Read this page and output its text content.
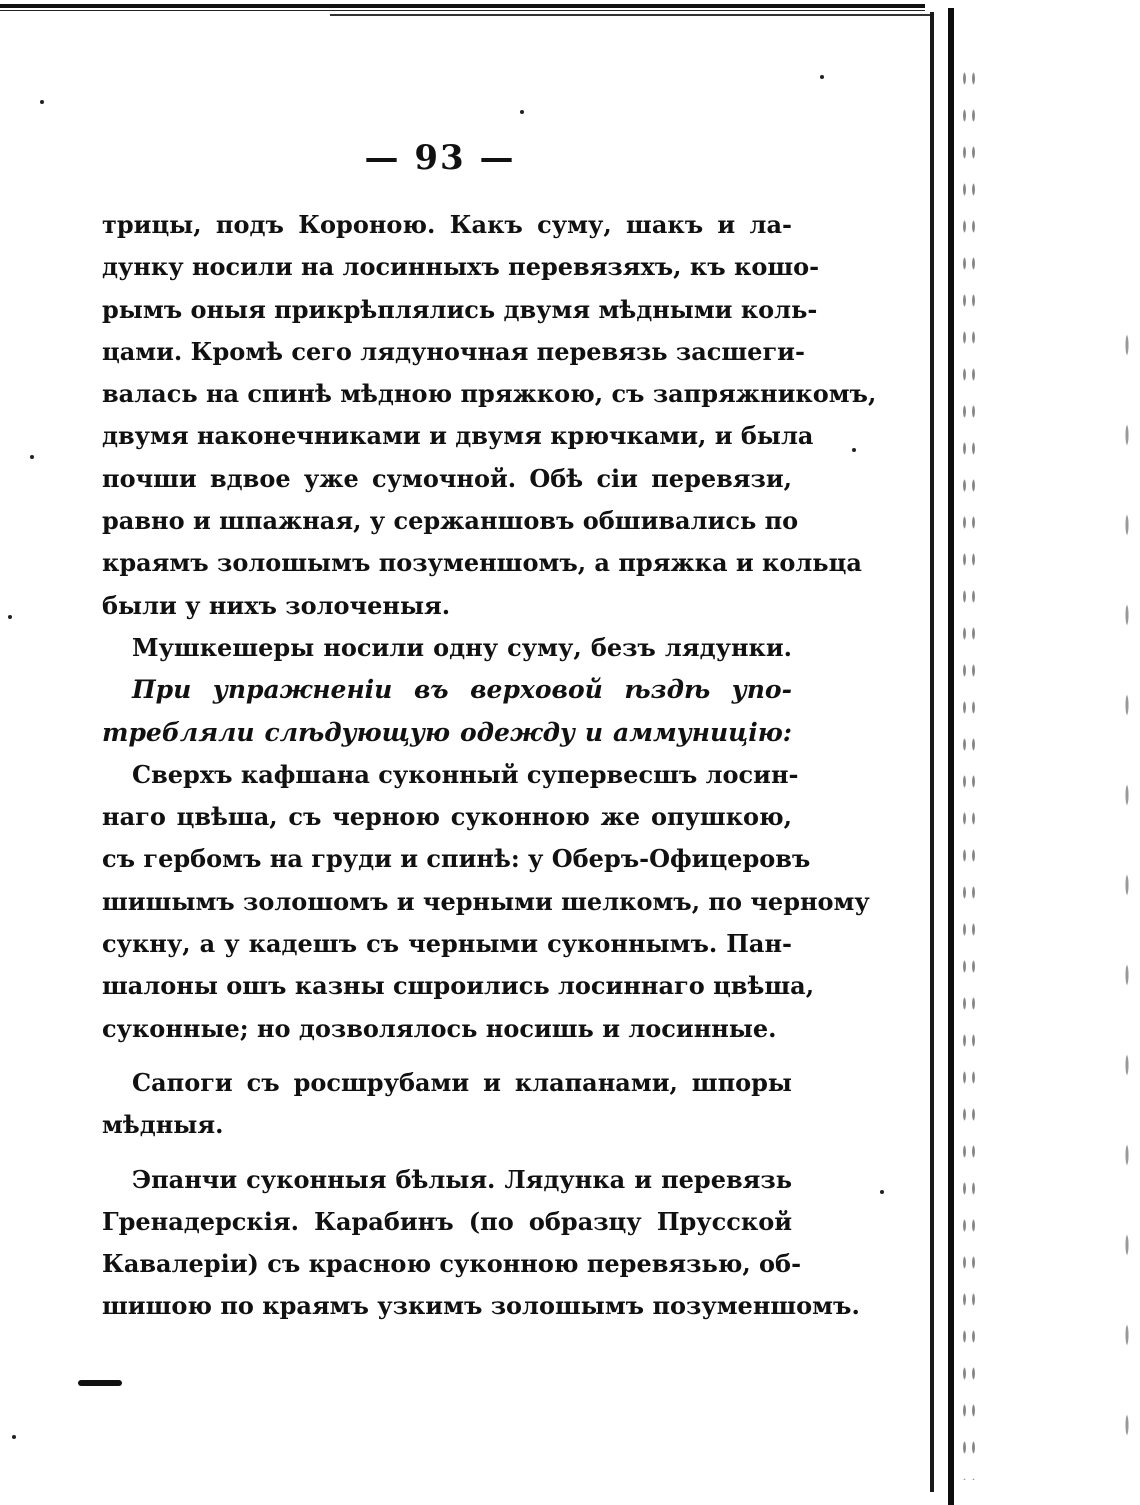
— 93 —
трицы, подъ Короною. Какъ суму, шакъ и ла-
дунку носили на лосинныхъ перевязяхъ, къ кошо-
рымъ оныя прикрѣплялись двумя мѣдными коль-
цами. Кромѣ сего лядуночная перевязь засшеги-
валась на спинѣ мѣдною пряжкою, съ запряжникомъ,
двумя наконечниками и двумя крючками, и была
почши вдвое уже сумочной. Обѣ сіи перевязи,
равно и шпажная, у сержаншовъ обшивались по
краямъ золошымъ позуменшомъ, а пряжка и кольца
были у нихъ золоченыя.
Мушкешеры носили одну суму, безъ лядунки.
При упражненіи въ верховой ѣздѣ упо-
требляли слѣдующую одежду и аммуницію:
Сверхъ кафшана суконный супервесшъ лосин-
наго цвѣша, съ черною суконною же опушкою,
съ гербомъ на груди и спинѣ: у Оберъ-Офицеровъ
шишымъ золошомъ и черными шелкомъ, по черному
сукну, а у кадешъ съ черными суконнымъ. Пан-
шалоны ошъ казны сшроились лосиннаго цвѣша,
суконные; но дозволялось носишь и лосинные.
Сапоги съ росшрубами и клапанами, шпоры
мѣдныя.
Эпанчи суконныя бѣлыя. Лядунка и перевязь
Гренадерскія. Карабинъ (по образцу Прусской
Кавалеріи) съ красною суконною перевязью, об-
шишою по краямъ узкимъ золошымъ позуменшомъ.
